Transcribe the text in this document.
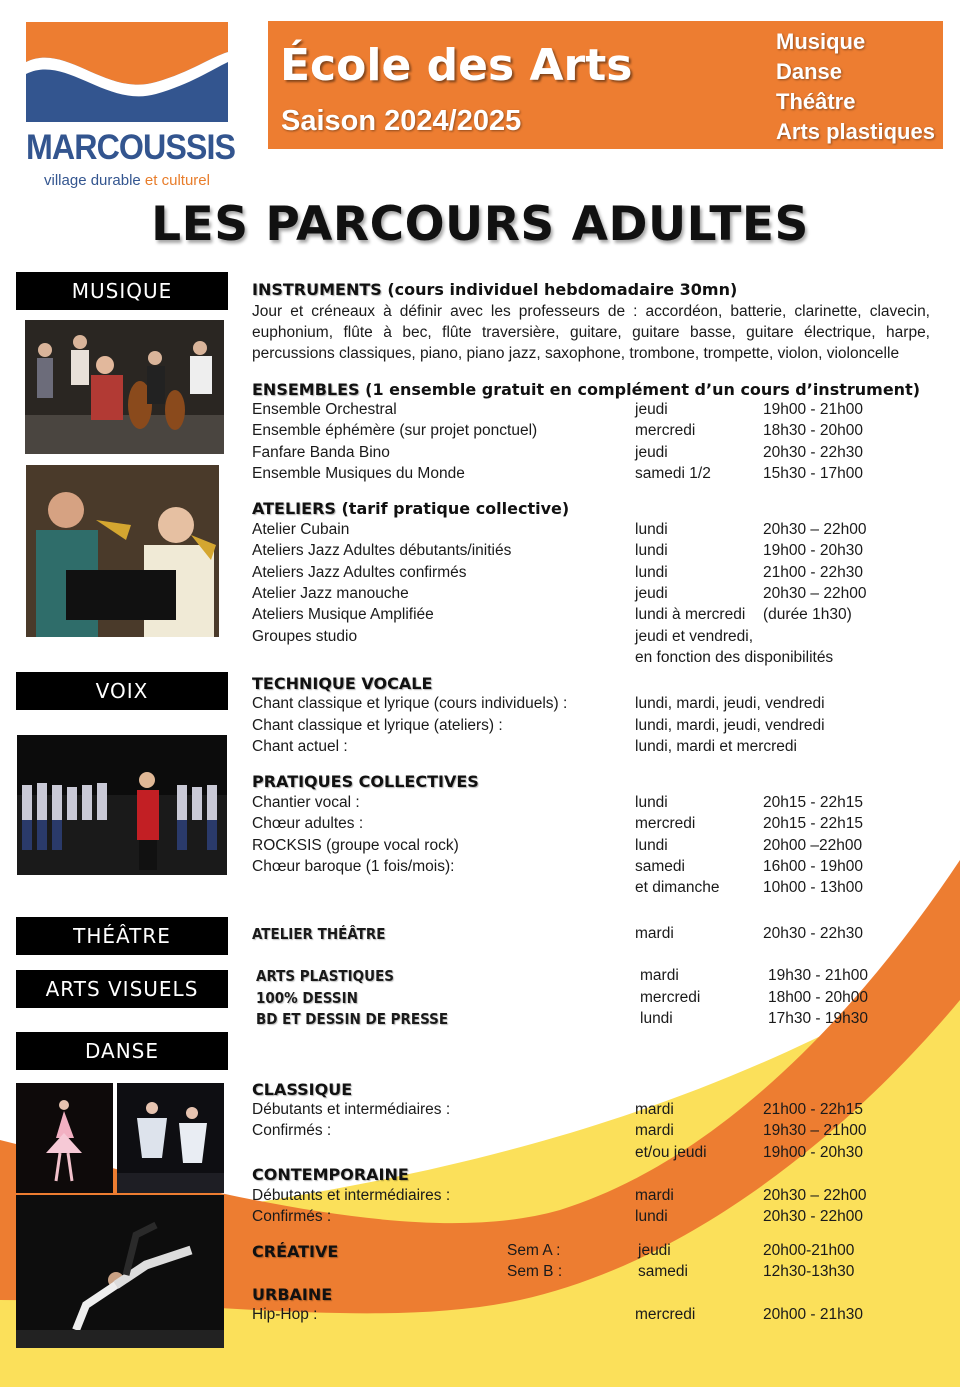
MARCOUSSIS
village durable et culturel
École des Arts
Saison 2024/2025
Musique
Danse
Théâtre
Arts plastiques
LES PARCOURS ADULTES
MUSIQUE
VOIX
THÉÂTRE
ARTS VISUELS
DANSE
INSTRUMENTS (cours individuel hebdomadaire 30mn)
Jour et créneaux à définir avec les professeurs de : accordéon, batterie, clarinette, clavecin, euphonium, flûte à bec, flûte traversière, guitare, guitare basse, guitare électrique, harpe, percussions classiques, piano, piano jazz, saxophone, trombone, trompette, violon, violoncelle
ENSEMBLES (1 ensemble gratuit en complément d’un cours d’instrument)
Ensemble Orchestral	jeudi	19h00 - 21h00
Ensemble éphémère (sur projet ponctuel)	mercredi	18h30 - 20h00
Fanfare Banda Bino	jeudi	20h30 - 22h30
Ensemble Musiques du Monde	samedi 1/2	15h30 - 17h00
ATELIERS (tarif pratique collective)
Atelier Cubain	lundi	20h30 – 22h00
Ateliers Jazz Adultes débutants/initiés	lundi	19h00 - 20h30
Ateliers Jazz Adultes confirmés	lundi	21h00 - 22h30
Atelier Jazz manouche	jeudi	20h30 – 22h00
Ateliers Musique Amplifiée	lundi à mercredi (durée 1h30)
Groupes studio	jeudi et vendredi,
en fonction des disponibilités
TECHNIQUE VOCALE
Chant classique et lyrique (cours individuels) :	lundi, mardi, jeudi, vendredi
Chant classique et lyrique (ateliers) :	lundi, mardi, jeudi, vendredi
Chant actuel :	lundi, mardi et mercredi
PRATIQUES COLLECTIVES
Chantier vocal :	lundi	20h15 - 22h15
Chœur adultes :	mercredi	20h15 - 22h15
ROCKSIS (groupe vocal rock)	lundi	20h00 –22h00
Chœur baroque (1 fois/mois):	samedi	16h00 - 19h00
et dimanche	10h00 - 13h00
ATELIER THÉÂTRE	mardi	20h30 - 22h30
ARTS PLASTIQUES	mardi	19h30 - 21h00
100% DESSIN	mercredi	18h00 - 20h00
BD ET DESSIN DE PRESSE	lundi	17h30 - 19h30
CLASSIQUE
Débutants et intermédiaires :	mardi	21h00 - 22h15
Confirmés :	mardi	19h30 – 21h00
et/ou jeudi	19h00 - 20h30
CONTEMPORAINE
Débutants et intermédiaires :	mardi	20h30 – 22h00
Confirmés :	lundi	20h30 - 22h00
CRÉATIVE	Sem A :	jeudi	20h00-21h00
Sem B :	samedi	12h30-13h30
URBAINE
Hip-Hop :	mercredi	20h00 - 21h30
